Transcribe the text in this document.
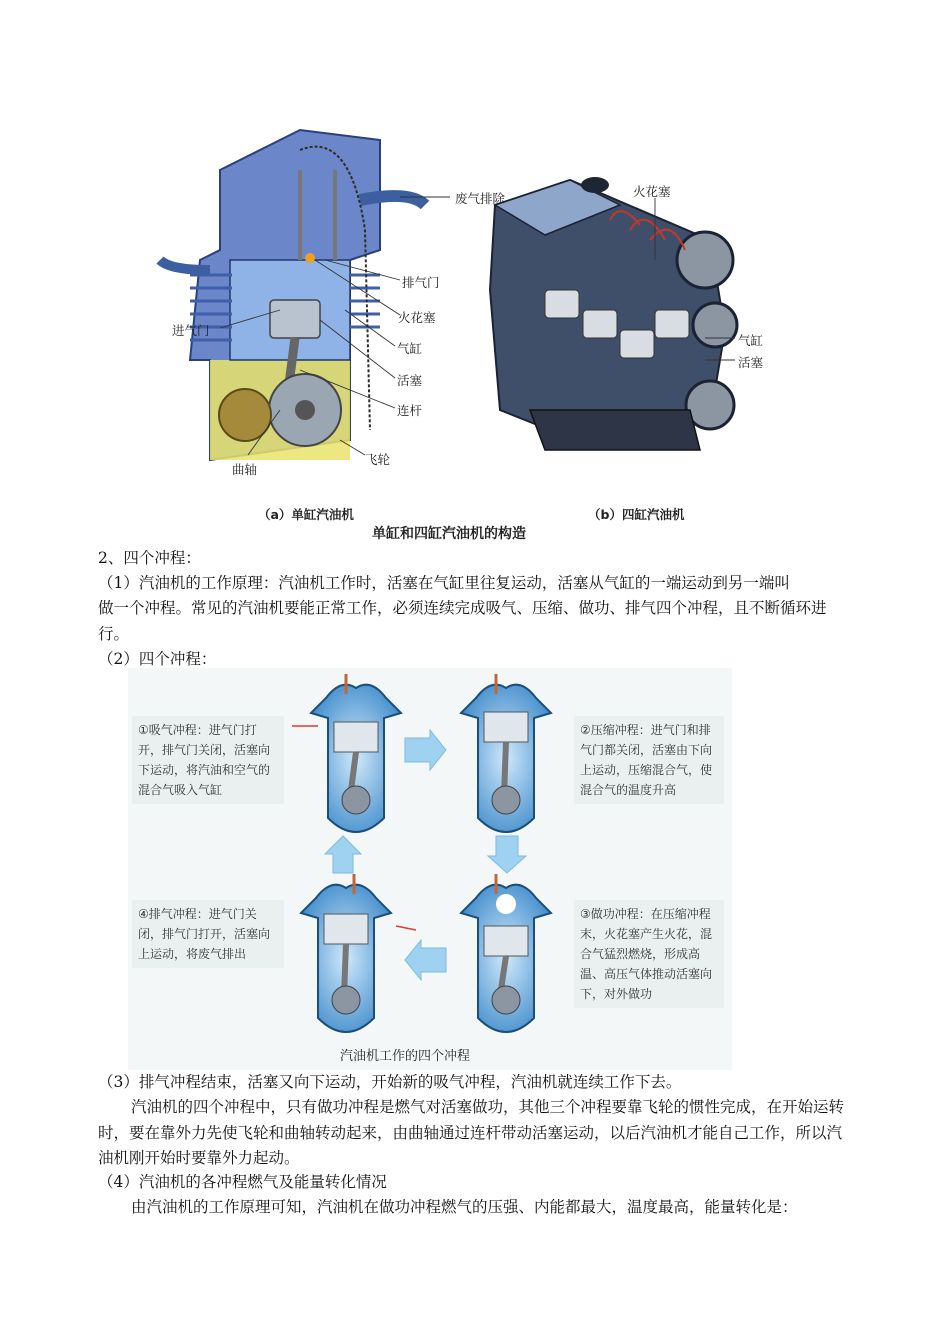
废气排除
排气门
火花塞
进气门
气缸
活塞
连杆
曲轴
飞轮
火花塞
气缸
活塞
（a）单缸汽油机	（b）四缸汽油机
单缸和四缸汽油机的构造
2、四个冲程：
（1）汽油机的工作原理：汽油机工作时，活塞在气缸里往复运动，活塞从气缸的一端运动到另一端叫
做一个冲程。常见的汽油机要能正常工作，必须连续完成吸气、压缩、做功、排气四个冲程，且不断循环进行。
（2）四个冲程：
①吸气冲程：进气门打开，排气门关闭，活塞向下运动，将汽油和空气的混合气吸入气缸
②压缩冲程：进气门和排气门都关闭，活塞由下向上运动，压缩混合气，使混合气的温度升高
③做功冲程：在压缩冲程末，火花塞产生火花，混合气猛烈燃烧，形成高温、高压气体推动活塞向下，对外做功
④排气冲程：进气门关闭，排气门打开，活塞向上运动，将废气排出
汽油机工作的四个冲程
（3）排气冲程结束，活塞又向下运动，开始新的吸气冲程，汽油机就连续工作下去。
汽油机的四个冲程中，只有做功冲程是燃气对活塞做功，其他三个冲程要靠飞轮的惯性完成，在开始运转时，要在靠外力先使飞轮和曲轴转动起来，由曲轴通过连杆带动活塞运动，以后汽油机才能自己工作，所以汽油机刚开始时要靠外力起动。
（4）汽油机的各冲程燃气及能量转化情况
由汽油机的工作原理可知，汽油机在做功冲程燃气的压强、内能都最大，温度最高，能量转化是：
